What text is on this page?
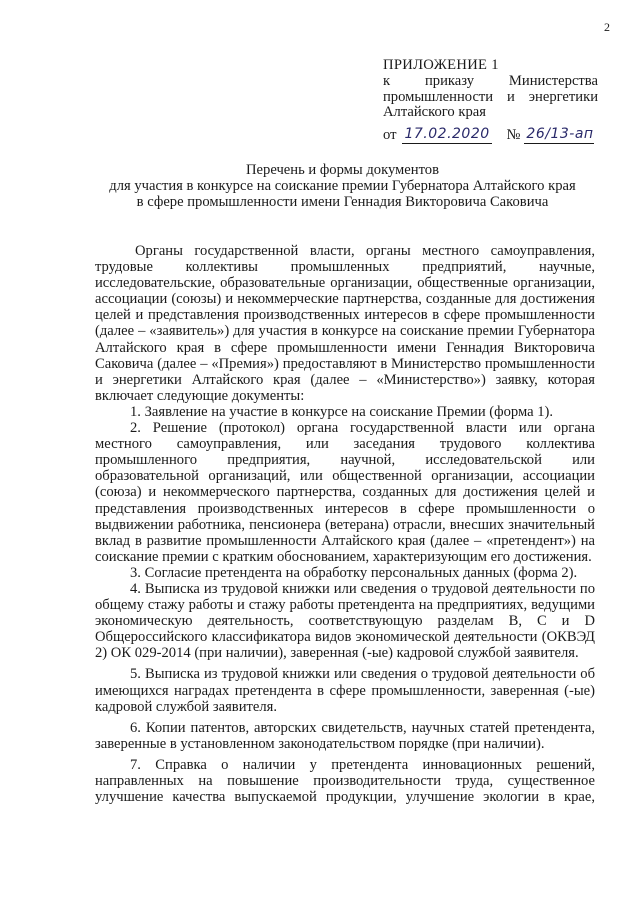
2
ПРИЛОЖЕНИЕ 1
к приказу Министерства
промышленности и энергетики
Алтайского края
от 17.02.2020 № 26/13-ап
Перечень и формы документов
для участия в конкурсе на соискание премии Губернатора Алтайского края
в сфере промышленности имени Геннадия Викторовича Саковича

Органы государственной власти, органы местного самоуправления, трудовые коллективы промышленных предприятий, научные, исследовательские, образовательные организации, общественные организации, ассоциации (союзы) и некоммерческие партнерства, созданные для достижения целей и представления производственных интересов в сфере промышленности (далее – «заявитель») для участия в конкурсе на соискание премии Губернатора Алтайского края в сфере промышленности имени Геннадия Викторовича Саковича (далее – «Премия») предоставляют в Министерство промышленности и энергетики Алтайского края (далее – «Министерство») заявку, которая включает следующие документы:

1. Заявление на участие в конкурсе на соискание Премии (форма 1).

2. Решение (протокол) органа государственной власти или органа местного самоуправления, или заседания трудового коллектива промышленного предприятия, научной, исследовательской или образовательной организаций, или общественной организации, ассоциации (союза) и некоммерческого партнерства, созданных для достижения целей и представления производственных интересов в сфере промышленности о выдвижении работника, пенсионера (ветерана) отрасли, внесших значительный вклад в развитие промышленности Алтайского края (далее – «претендент») на соискание премии с кратким обоснованием, характеризующим его достижения.

3. Согласие претендента на обработку персональных данных (форма 2).

4. Выписка из трудовой книжки или сведения о трудовой деятельности по общему стажу работы и стажу работы претендента на предприятиях, ведущими экономическую деятельность, соответствующую разделам B, C и D Общероссийского классификатора видов экономической деятельности (ОКВЭД 2) ОК 029-2014 (при наличии), заверенная (-ые) кадровой службой заявителя.

5. Выписка из трудовой книжки или сведения о трудовой деятельности об имеющихся наградах претендента в сфере промышленности, заверенная (-ые) кадровой службой заявителя.

6. Копии патентов, авторских свидетельств, научных статей претендента, заверенные в установленном законодательством порядке (при наличии).

7. Справка о наличии у претендента инновационных решений, направленных на повышение производительности труда, существенное улучшение качества выпускаемой продукции, улучшение экологии в крае,
